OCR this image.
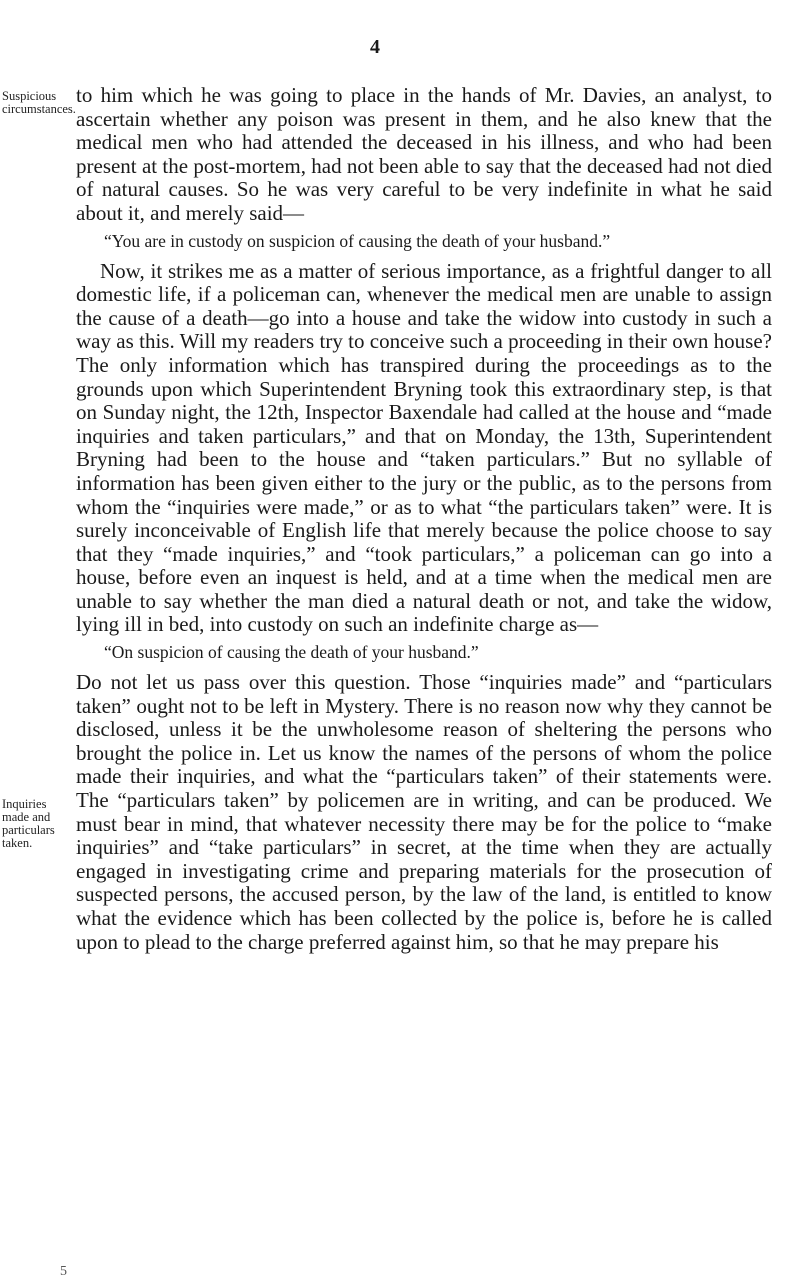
4
Suspicious circumstances.
Inquiries made and particulars taken.

to him which he was going to place in the hands of Mr. Davies, an analyst, to ascertain whether any poison was present in them, and he also knew that the medical men who had attended the deceased in his illness, and who had been present at the post-mortem, had not been able to say that the deceased had not died of natural causes. So he was very careful to be very indefinite in what he said about it, and merely said—

“You are in custody on suspicion of causing the death of your husband.”

Now, it strikes me as a matter of serious importance, as a frightful danger to all domestic life, if a policeman can, whenever the medical men are unable to assign the cause of a death—go into a house and take the widow into custody in such a way as this. Will my readers try to conceive such a proceeding in their own house? The only information which has transpired during the proceedings as to the grounds upon which Superintendent Bryning took this extraordinary step, is that on Sunday night, the 12th, Inspector Baxendale had called at the house and “made inquiries and taken particulars,” and that on Monday, the 13th, Superintendent Bryning had been to the house and “taken particulars.” But no syllable of information has been given either to the jury or the public, as to the persons from whom the “inquiries were made,” or as to what “the particulars taken” were. It is surely inconceivable of English life that merely because the police choose to say that they “made inquiries,” and “took particulars,” a policeman can go into a house, before even an inquest is held, and at a time when the medical men are unable to say whether the man died a natural death or not, and take the widow, lying ill in bed, into custody on such an indefinite charge as—

“On suspicion of causing the death of your husband.”

Do not let us pass over this question. Those “inquiries made” and “particulars taken” ought not to be left in Mystery. There is no reason now why they cannot be disclosed, unless it be the unwholesome reason of sheltering the persons who brought the police in. Let us know the names of the persons of whom the police made their inquiries, and what the “particulars taken” of their statements were. The “particulars taken” by policemen are in writing, and can be produced. We must bear in mind, that whatever necessity there may be for the police to “make inquiries” and “take particulars” in secret, at the time when they are actually engaged in investigating crime and preparing materials for the prosecution of suspected persons, the accused person, by the law of the land, is entitled to know what the evidence which has been collected by the police is, before he is called upon to plead to the charge preferred against him, so that he may prepare his

5
